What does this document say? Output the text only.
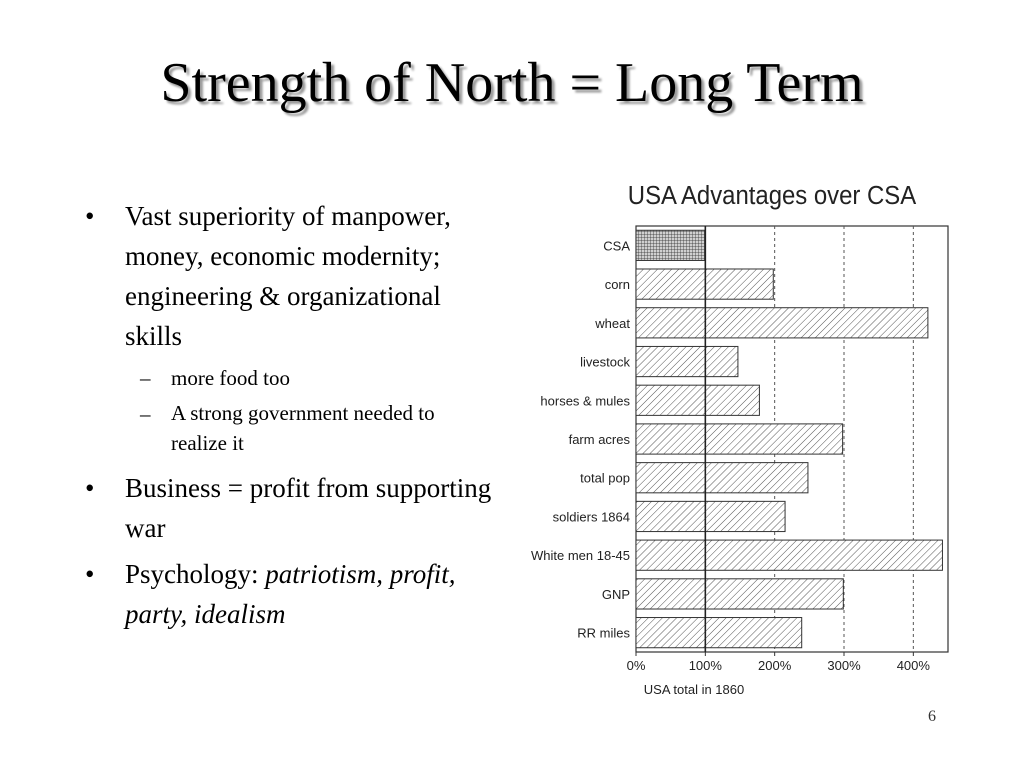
Strength of North = Long Term
• Vast superiority of manpower,
money, economic modernity;
engineering & organizational
skills
– more food too
– A strong government needed to
realize it
• Business = profit from supporting
war
• Psychology: patriotism, profit,
party, idealism
USA Advantages over CSA
CSA
corn
wheat
livestock
horses & mules
farm acres
total pop
soldiers 1864
White men 18-45
GNP
RR miles
0%	100%	200%	300%	400%
USA total in 1860
6
